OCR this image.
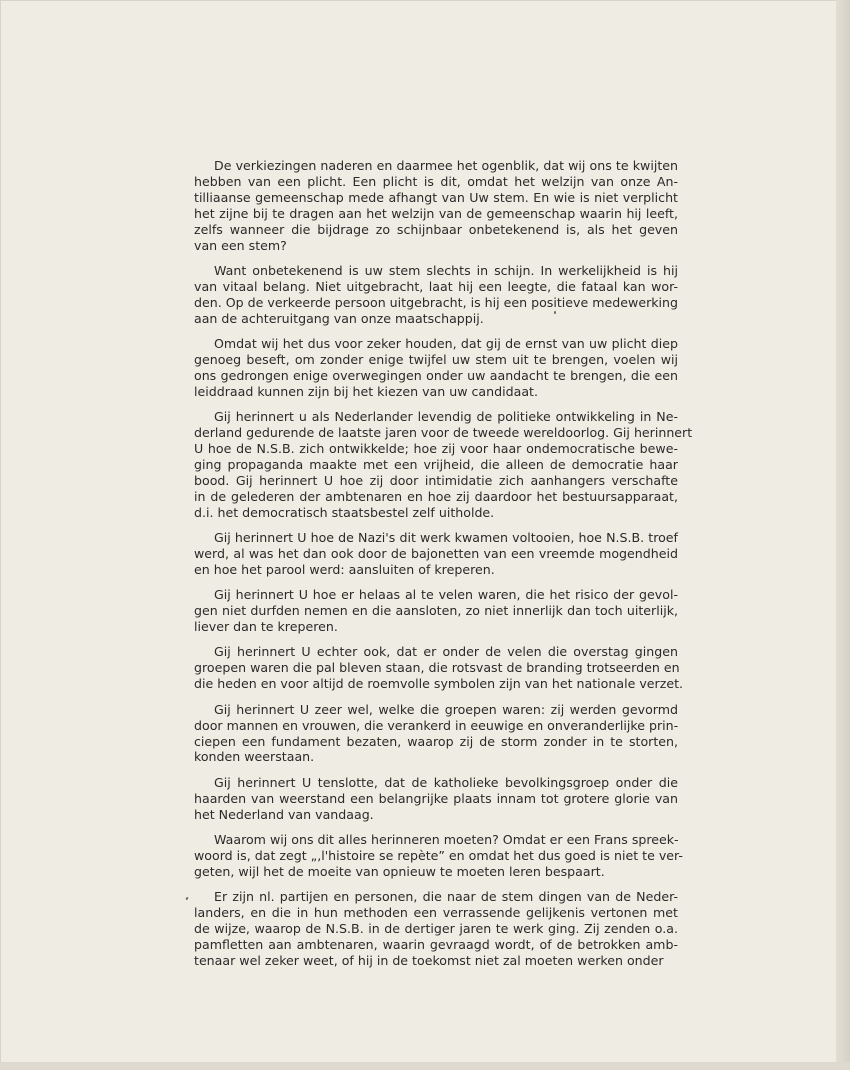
De verkiezingen naderen en daarmee het ogenblik, dat wij ons te kwijten
hebben van een plicht. Een plicht is dit, omdat het welzijn van onze An-
tilliaanse gemeenschap mede afhangt van Uw stem. En wie is niet verplicht
het zijne bij te dragen aan het welzijn van de gemeenschap waarin hij leeft,
zelfs wanneer die bijdrage zo schijnbaar onbetekenend is, als het geven
van een stem?
Want onbetekenend is uw stem slechts in schijn. In werkelijkheid is hij
van vitaal belang. Niet uitgebracht, laat hij een leegte, die fataal kan wor-
den. Op de verkeerde persoon uitgebracht, is hij een positieve medewerking
aan de achteruitgang van onze maatschappij.
Omdat wij het dus voor zeker houden, dat gij de ernst van uw plicht diep
genoeg beseft, om zonder enige twijfel uw stem uit te brengen, voelen wij
ons gedrongen enige overwegingen onder uw aandacht te brengen, die een
leiddraad kunnen zijn bij het kiezen van uw candidaat.
Gij herinnert u als Nederlander levendig de politieke ontwikkeling in Ne-
derland gedurende de laatste jaren voor de tweede wereldoorlog. Gij herinnert
U hoe de N.S.B. zich ontwikkelde; hoe zij voor haar ondemocratische bewe-
ging propaganda maakte met een vrijheid, die alleen de democratie haar
bood. Gij herinnert U hoe zij door intimidatie zich aanhangers verschafte
in de gelederen der ambtenaren en hoe zij daardoor het bestuursapparaat,
d.i. het democratisch staatsbestel zelf uitholde.
Gij herinnert U hoe de Nazi's dit werk kwamen voltooien, hoe N.S.B. troef
werd, al was het dan ook door de bajonetten van een vreemde mogendheid
en hoe het parool werd: aansluiten of kreperen.
Gij herinnert U hoe er helaas al te velen waren, die het risico der gevol-
gen niet durfden nemen en die aansloten, zo niet innerlijk dan toch uiterlijk,
liever dan te kreperen.
Gij herinnert U echter ook, dat er onder de velen die overstag gingen
groepen waren die pal bleven staan, die rotsvast de branding trotseerden en
die heden en voor altijd de roemvolle symbolen zijn van het nationale verzet.
Gij herinnert U zeer wel, welke die groepen waren: zij werden gevormd
door mannen en vrouwen, die verankerd in eeuwige en onveranderlijke prin-
ciepen een fundament bezaten, waarop zij de storm zonder in te storten,
konden weerstaan.
Gij herinnert U tenslotte, dat de katholieke bevolkingsgroep onder die
haarden van weerstand een belangrijke plaats innam tot grotere glorie van
het Nederland van vandaag.
Waarom wij ons dit alles herinneren moeten? Omdat er een Frans spreek-
woord is, dat zegt „,l'histoire se repète” en omdat het dus goed is niet te ver-
geten, wijl het de moeite van opnieuw te moeten leren bespaart.
Er zijn nl. partijen en personen, die naar de stem dingen van de Neder-
landers, en die in hun methoden een verrassende gelijkenis vertonen met
de wijze, waarop de N.S.B. in de dertiger jaren te werk ging. Zij zenden o.a.
pamfletten aan ambtenaren, waarin gevraagd wordt, of de betrokken amb-
tenaar wel zeker weet, of hij in de toekomst niet zal moeten werken onder
